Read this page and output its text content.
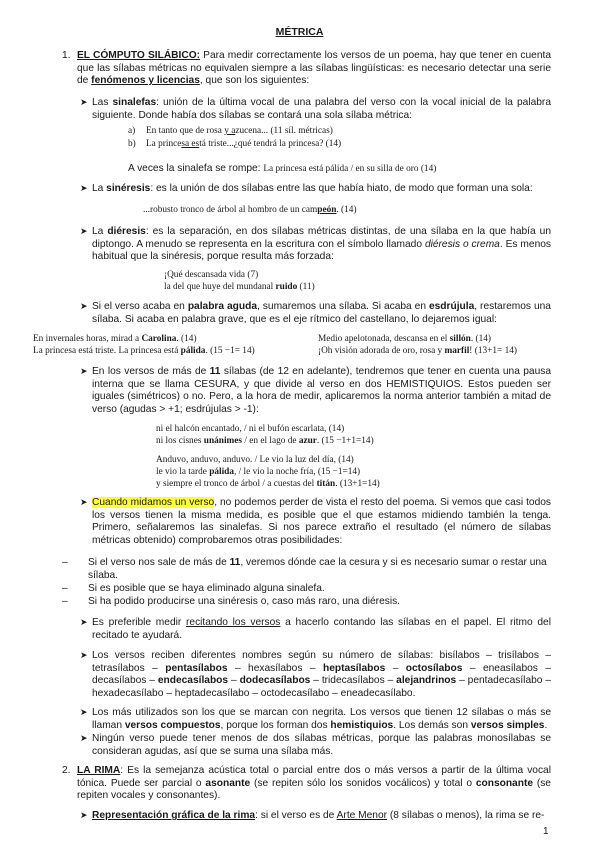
MÉTRICA
1. EL CÓMPUTO SILÁBICO: Para medir correctamente los versos de un poema, hay que tener en cuenta que las sílabas métricas no equivalen siempre a las sílabas lingüísticas: es necesario detectar una serie de fenómenos y licencias, que son los siguientes:
➤ Las sinalefas: unión de la última vocal de una palabra del verso con la vocal inicial de la palabra siguiente. Donde había dos sílabas se contará una sola sílaba métrica:
a) En tanto que de rosa y azucena... (11 síl. métricas)
b) La princesa está triste...¿qué tendrá la princesa? (14)
A veces la sinalefa se rompe: La princesa está pálida / en su silla de oro (14)
➤ La sinéresis: es la unión de dos sílabas entre las que había hiato, de modo que forman una sola:
...robusto tronco de árbol al hombro de un campeón. (14)
➤ La diéresis: es la separación, en dos sílabas métricas distintas, de una sílaba en la que había un diptongo. A menudo se representa en la escritura con el símbolo llamado diéresis o crema. Es menos habitual que la sinéresis, porque resulta más forzada:
¡Qué descansada vida (7)
la del que huye del mundanal ruido (11)
➤ Si el verso acaba en palabra aguda, sumaremos una sílaba. Si acaba en esdrújula, restaremos una sílaba. Si acaba en palabra grave, que es el eje rítmico del castellano, lo dejaremos igual:
En invernales horas, mirad a Carolina. (14)
La princesa está triste. La princesa está pálida. (15 −1= 14)
Medio apelotonada, descansa en el sillón. (14)
¡Oh visión adorada de oro, rosa y marfil! (13+1= 14)
➤ En los versos de más de 11 sílabas (de 12 en adelante), tendremos que tener en cuenta una pausa interna que se llama CESURA, y que divide al verso en dos HEMISTIQUIOS. Estos pueden ser iguales (simétricos) o no. Pero, a la hora de medir, aplicaremos la norma anterior también a mitad de verso (agudas > +1; esdrújulas > -1):
ni el halcón encantado, / ni el bufón escarlata, (14)
ni los cisnes unánimes / en el lago de azur. (15 −1+1=14)
Anduvo, anduvo, anduvo. / Le vio la luz del día, (14)
le vio la tarde pálida, / le vio la noche fría, (15 −1=14)
y siempre el tronco de árbol / a cuestas del titán. (13+1=14)
➤ Cuando midamos un verso, no podemos perder de vista el resto del poema. Si vemos que casi todos los versos tienen la misma medida, es posible que el que estamos midiendo también la tenga. Primero, señalaremos las sinalefas. Si nos parece extraño el resultado (el número de sílabas métricas obtenido) comprobaremos otras posibilidades:
– Si el verso nos sale de más de 11, veremos dónde cae la cesura y si es necesario sumar o restar una sílaba.
– Si es posible que se haya eliminado alguna sinalefa.
– Si ha podido producirse una sinéresis o, caso más raro, una diéresis.
➤ Es preferible medir recitando los versos a hacerlo contando las sílabas en el papel. El ritmo del recitado te ayudará.
➤ Los versos reciben diferentes nombres según su número de sílabas: bisílabos – trisílabos – tetrasílabos – pentasílabos – hexasílabos – heptasílabos – octosílabos – eneasílabos – decasílabos – endecasílabos – dodecasílabos – tridecasílabos – alejandrinos – pentadecasílabo – hexadecasílabo – heptadecasílabo – octodecasílabo – eneadecasílabo.
➤ Los más utilizados son los que se marcan con negrita. Los versos que tienen 12 sílabas o más se llaman versos compuestos, porque los forman dos hemistiquios. Los demás son versos simples.
➤ Ningún verso puede tener menos de dos sílabas métricas, porque las palabras monosílabas se consideran agudas, así que se suma una sílaba más.
2. LA RIMA: Es la semejanza acústica total o parcial entre dos o más versos a partir de la última vocal tónica. Puede ser parcial o asonante (se repiten sólo los sonidos vocálicos) y total o consonante (se repiten vocales y consonantes).
➤ Representación gráfica de la rima: si el verso es de Arte Menor (8 sílabas o menos), la rima se re-
1
